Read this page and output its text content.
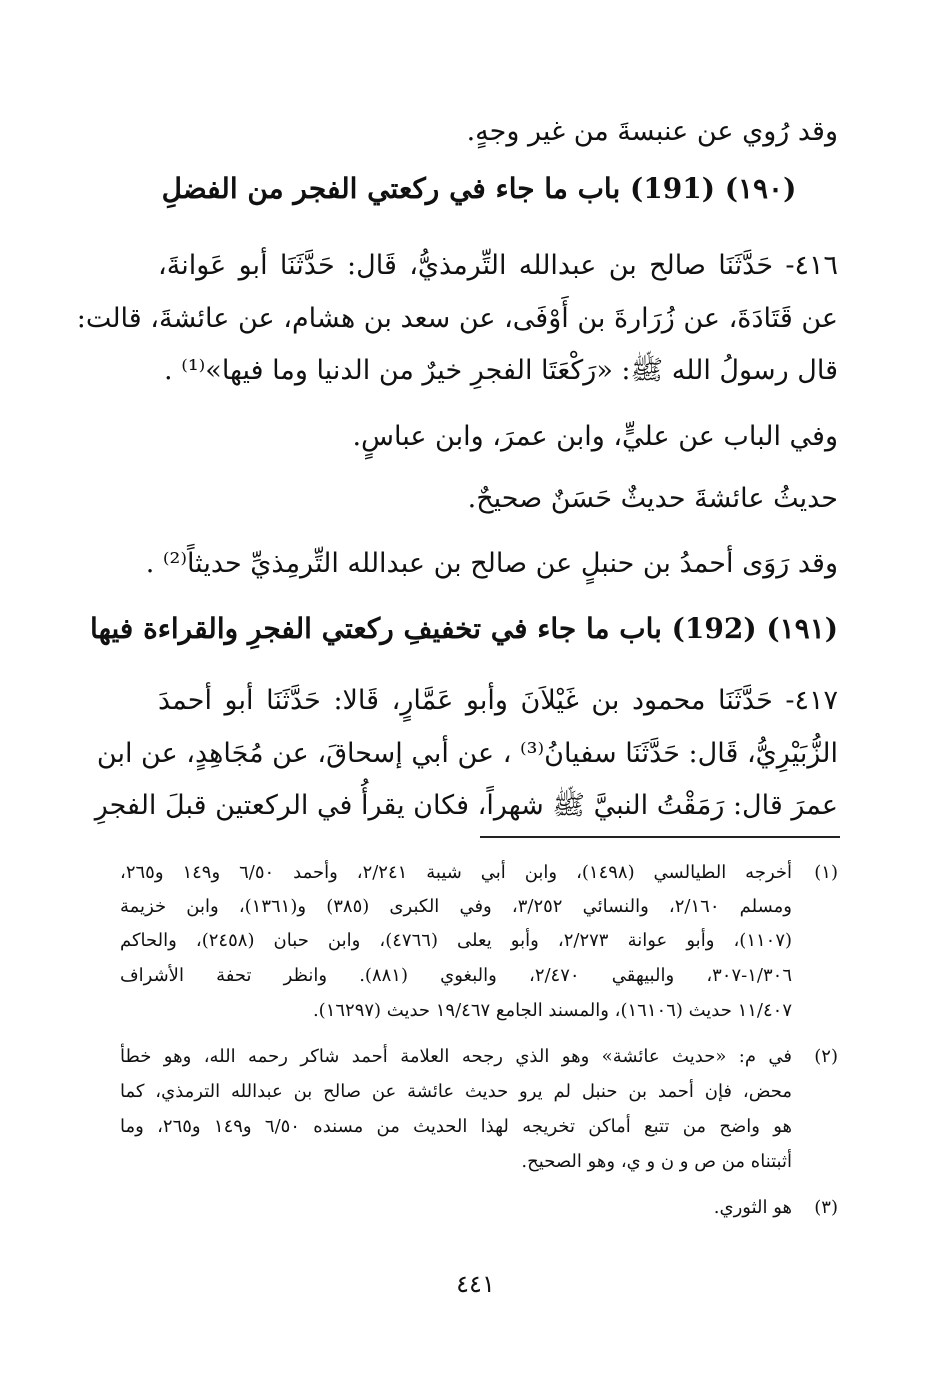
وقد رُوي عن عنبسةَ من غير وجهٍ.
(١٩٠) (191) باب ما جاء في ركعتي الفجر من الفضلِ
٤١٦- حَدَّثَنَا صالح بن عبدالله التِّرمذيُّ، قَال: حَدَّثَنَا أبو عَوانةَ،
عن قَتَادَةَ، عن زُرَارةَ بن أَوْفَى، عن سعد بن هشام، عن عائشةَ، قالت:
قال رسولُ الله ﷺ: «رَكْعَتَا الفجرِ خيرٌ من الدنيا وما فيها»⁽¹⁾ .
وفي الباب عن عليٍّ، وابن عمرَ، وابن عباسٍ.
حديثُ عائشةَ حديثٌ حَسَنٌ صحيحٌ.
وقد رَوَى أحمدُ بن حنبلٍ عن صالح بن عبدالله التِّرمِذيِّ حديثاً⁽²⁾ .
(١٩١) (192) باب ما جاء في تخفيفِ ركعتي الفجرِ والقراءة فيها
٤١٧- حَدَّثَنَا محمود بن غَيْلاَنَ وأبو عَمَّارٍ، قَالا: حَدَّثَنَا أبو أحمدَ
الزُّبَيْرِيُّ، قَال: حَدَّثَنَا سفيانُ⁽³⁾ ، عن أبي إسحاقَ، عن مُجَاهِدٍ، عن ابن
عمرَ قال: رَمَقْتُ النبيَّ ﷺ شهراً، فكان يقرأُ في الركعتين قبلَ الفجرِ
(١)
أخرجه الطيالسي (١٤٩٨)، وابن أبي شيبة ٢/٢٤١، وأحمد ٦/٥٠ و١٤٩ و٢٦٥،
ومسلم ٢/١٦٠، والنسائي ٣/٢٥٢، وفي الكبرى (٣٨٥) و(١٣٦١)، وابن خزيمة
(١١٠٧)، وأبو عوانة ٢/٢٧٣، وأبو يعلى (٤٧٦٦)، وابن حبان (٢٤٥٨)، والحاكم
١/٣٠٦-٣٠٧، والبيهقي ٢/٤٧٠، والبغوي (٨٨١). وانظر تحفة الأشراف
١١/٤٠٧ حديث (١٦١٠٦)، والمسند الجامع ١٩/٤٦٧ حديث (١٦٢٩٧).
(٢)
في م: «حديث عائشة» وهو الذي رجحه العلامة أحمد شاكر رحمه الله، وهو خطأ
محض، فإن أحمد بن حنبل لم يرو حديث عائشة عن صالح بن عبدالله الترمذي، كما
هو واضح من تتبع أماكن تخريجه لهذا الحديث من مسنده ٦/٥٠ و١٤٩ و٢٦٥، وما
أثبتناه من ص و ن و ي، وهو الصحيح.
(٣)
هو الثوري.
٤٤١
